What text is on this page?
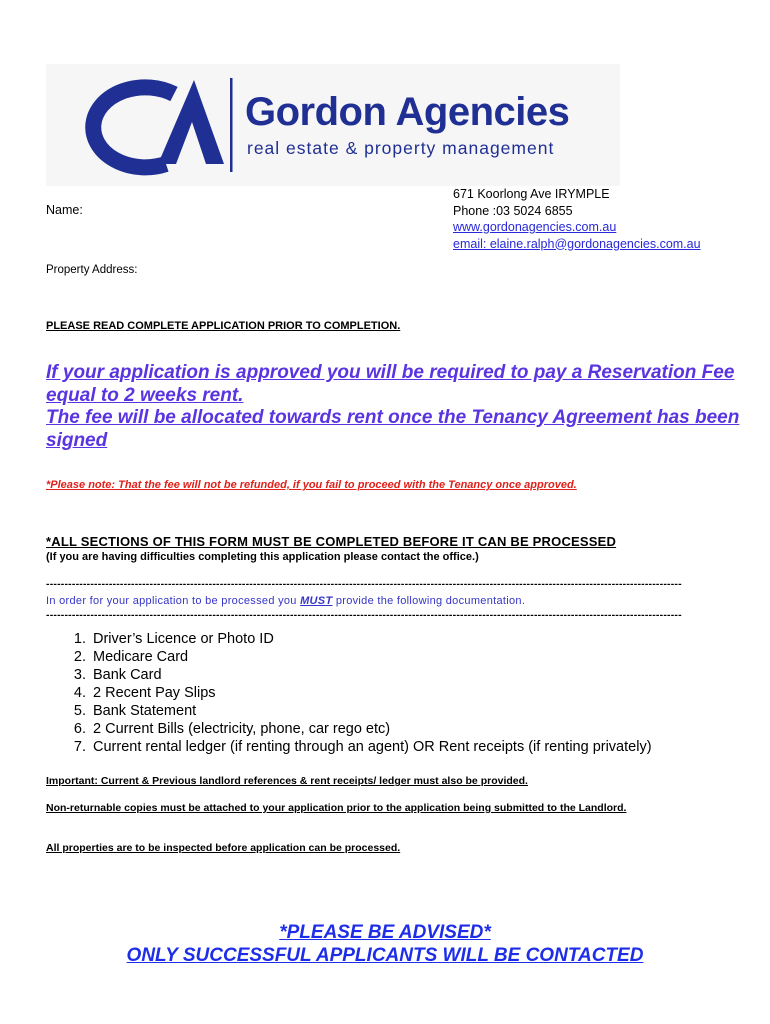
Gordon Agencies
real estate & property management
671 Koorlong Ave IRYMPLE
Phone :03 5024 6855
www.gordonagencies.com.au
email: elaine.ralph@gordonagencies.com.au
Name:
Property Address:
PLEASE READ COMPLETE APPLICATION PRIOR TO COMPLETION.
If your application is approved you will be required to pay a Reservation Fee equal to 2 weeks rent.
The fee will be allocated towards rent once the Tenancy Agreement has been signed
*Please note: That the fee will not be refunded, if you fail to proceed with the Tenancy once approved.
*ALL SECTIONS OF THIS FORM MUST BE COMPLETED BEFORE IT CAN BE PROCESSED
(If you are having difficulties completing this application please contact the office.)
----------------------------------------------------------------------------------------------------------------------------------------------------------------------------
In order for your application to be processed you MUST provide the following documentation.
----------------------------------------------------------------------------------------------------------------------------------------------------------------------------
1. Driver’s Licence or Photo ID
2. Medicare Card
3. Bank Card
4. 2 Recent Pay Slips
5. Bank Statement
6. 2 Current Bills (electricity, phone, car rego etc)
7. Current rental ledger (if renting through an agent) OR Rent receipts (if renting privately)
Important: Current & Previous landlord references & rent receipts/ ledger must also be provided.
Non-returnable copies must be attached to your application prior to the application being submitted to the Landlord.
All properties are to be inspected before application can be processed.
*PLEASE BE ADVISED*
ONLY SUCCESSFUL APPLICANTS WILL BE CONTACTED
